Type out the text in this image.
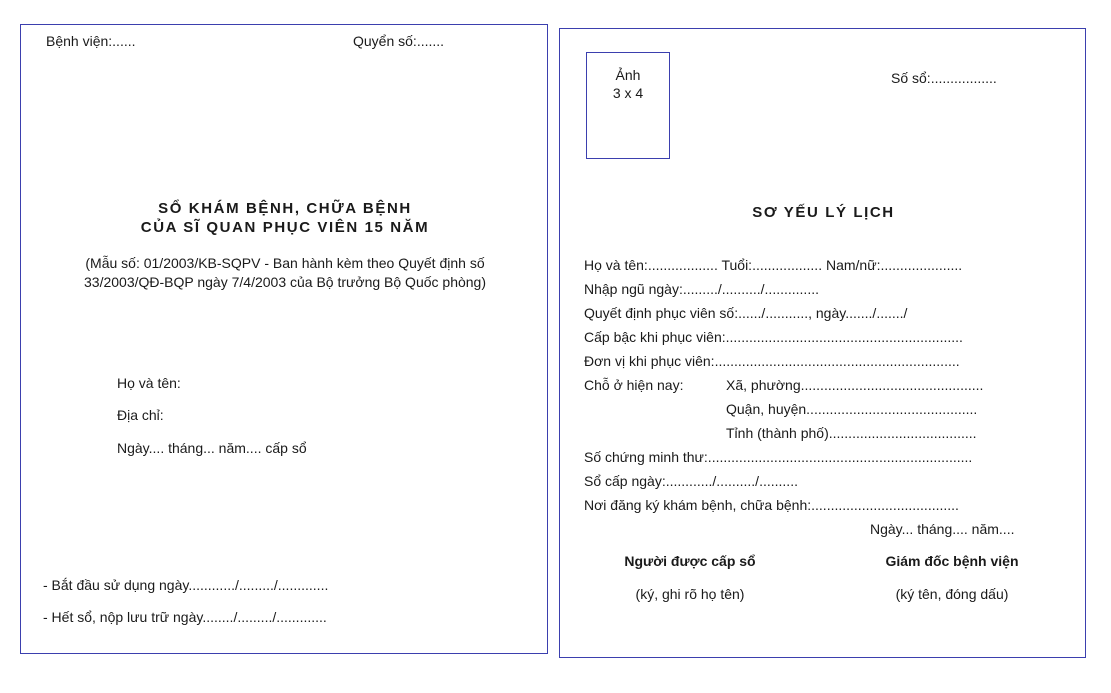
Bệnh viện:......	Quyển số:.......
SỔ KHÁM BỆNH, CHỮA BỆNH
CỦA SĨ QUAN PHỤC VIÊN 15 NĂM
(Mẫu số: 01/2003/KB-SQPV - Ban hành kèm theo Quyết định số
33/2003/QĐ-BQP ngày 7/4/2003 của Bộ trưởng Bộ Quốc phòng)
Họ và tên:
Địa chỉ:
Ngày.... tháng... năm.... cấp sổ
- Bắt đầu sử dụng ngày............/........./.............
- Hết sổ, nộp lưu trữ ngày......../........./.............
Ảnh
3 x 4
Số sổ:.................
SƠ YẾU LÝ LỊCH
Họ và tên:.................. Tuổi:.................. Nam/nữ:.....................
Nhập ngũ ngày:........./........../..............
Quyết định phục viên số:....../..........., ngày......./......./
Cấp bậc khi phục viên:.............................................................
Đơn vị khi phục viên:...............................................................
Chỗ ở hiện nay:	Xã, phường...............................................
Quận, huyện............................................
Tỉnh (thành phố)......................................
Số chứng minh thư:....................................................................
Sổ cấp ngày:............/........../..........
Nơi đăng ký khám bệnh, chữa bệnh:......................................
Ngày... tháng.... năm....
Người được cấp sổ
(ký, ghi rõ họ tên)
Giám đốc bệnh viện
(ký tên, đóng dấu)
